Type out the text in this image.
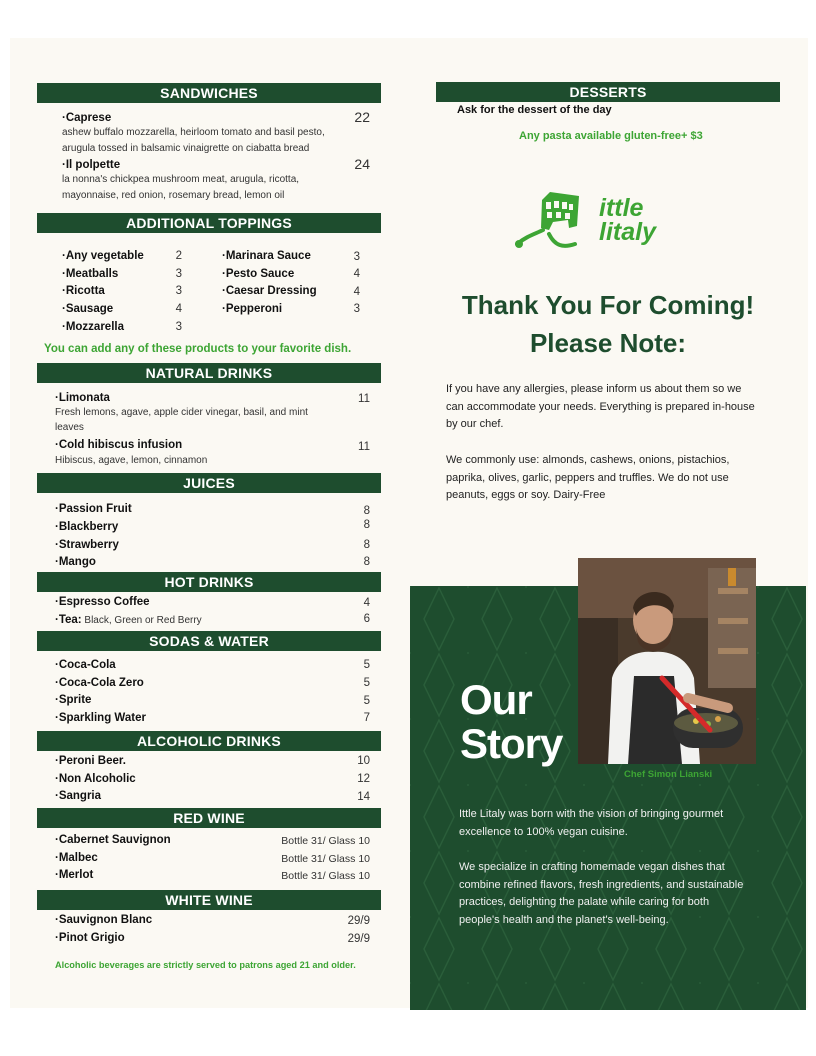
SANDWICHES
·Caprese	22
ashew buffalo mozzarella, heirloom tomato and basil pesto,
arugula tossed in balsamic vinaigrette on ciabatta bread
·Il polpette	24
la nonna's chickpea mushroom meat, arugula, ricotta,
mayonnaise, red onion, rosemary bread, lemon oil
ADDITIONAL TOPPINGS
·Any vegetable	2
·Meatballs	3
·Ricotta	3
·Sausage	4
·Mozzarella	3
·Marinara Sauce	3
·Pesto Sauce	4
·Caesar Dressing	4
·Pepperoni	3
You can add any of these products to your favorite dish.
NATURAL DRINKS
·Limonata	11
Fresh lemons, agave, apple cider vinegar, basil, and mint
leaves
·Cold hibiscus infusion	11
Hibiscus, agave, lemon, cinnamon
JUICES
·Passion Fruit	8
·Blackberry	8
·Strawberry	8
·Mango	8
HOT DRINKS
·Espresso Coffee	4
·Tea: Black, Green or Red Berry	6
SODAS & WATER
·Coca-Cola	5
·Coca-Cola Zero	5
·Sprite	5
·Sparkling Water	7
ALCOHOLIC DRINKS
·Peroni Beer.	10
·Non Alcoholic	12
·Sangria	14
RED WINE
·Cabernet Sauvignon	Bottle 31/ Glass 10
·Malbec	Bottle 31/ Glass 10
·Merlot	Bottle 31/ Glass 10
WHITE WINE
·Sauvignon Blanc	29/9
·Pinot Grigio	29/9
Alcoholic beverages are strictly served to patrons aged 21 and older.
DESSERTS
Ask for the dessert of the day
Any pasta available gluten-free+ $3
ittle
litaly
Thank You For Coming!
Please Note:
If you have any allergies, please inform us about them so we
can accommodate your needs. Everything is prepared in-house
by our chef.
We commonly use: almonds, cashews, onions, pistachios,
paprika, olives, garlic, peppers and truffles. We do not use
peanuts, eggs or soy. Dairy-Free
Our
Story
Chef Simon Lianski
Ittle Litaly was born with the vision of bringing gourmet
excellence to 100% vegan cuisine.
We specialize in crafting homemade vegan dishes that
combine refined flavors, fresh ingredients, and sustainable
practices, delighting the palate while caring for both
people's health and the planet's well-being.
